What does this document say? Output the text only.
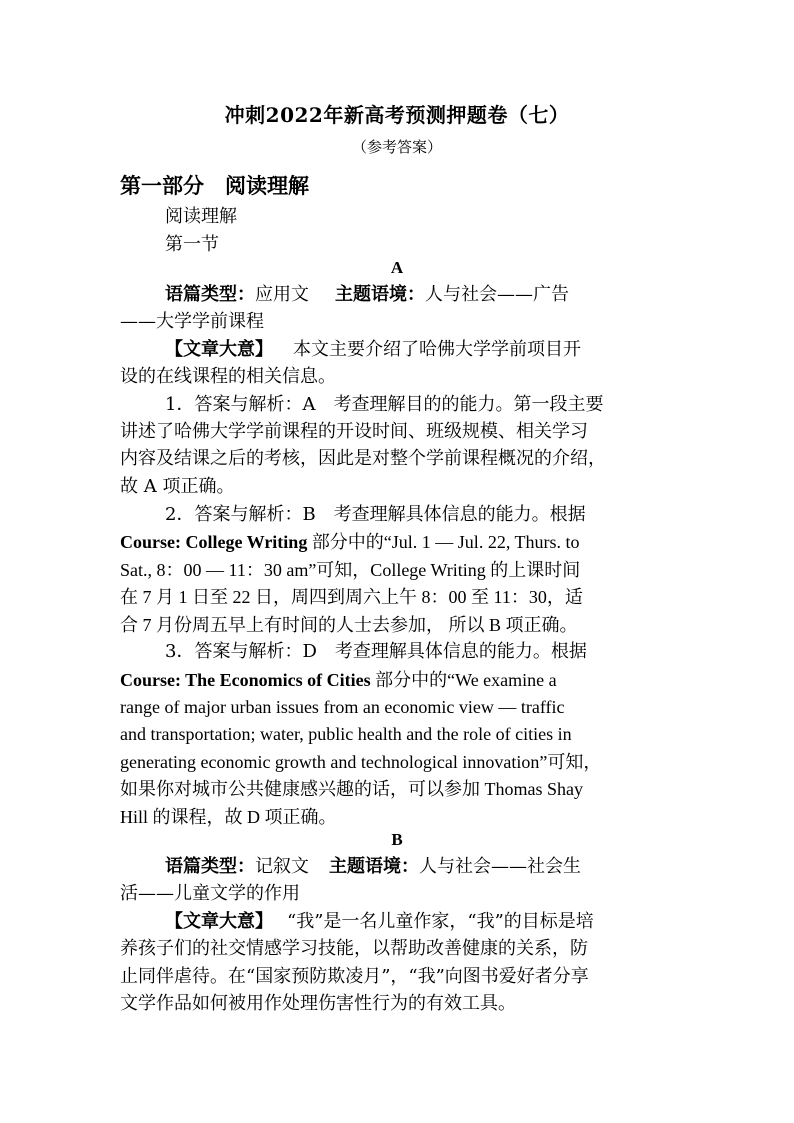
冲刺2022年新高考预测押题卷（七）
（参考答案）
第一部分　阅读理解
阅读理解
第一节
A
语篇类型：应用文 主题语境：人与社会——广告
——大学学前课程
【文章大意】 本文主要介绍了哈佛大学学前项目开
设的在线课程的相关信息。
1．答案与解析：A　考查理解目的的能力。第一段主要
讲述了哈佛大学学前课程的开设时间、班级规模、相关学习
内容及结课之后的考核，因此是对整个学前课程概况的介绍，
故 A 项正确。
2．答案与解析：B　考查理解具体信息的能力。根据
Course: College Writing 部分中的“Jul. 1 — Jul. 22, Thurs. to
Sat., 8：00 — 11：30 am”可知，College Writing 的上课时间
在 7 月 1 日至 22 日，周四到周六上午 8：00 至 11：30，适
合 7 月份周五早上有时间的人士去参加， 所以 B 项正确。
3．答案与解析：D　考查理解具体信息的能力。根据
Course: The Economics of Cities 部分中的“We examine a
range of major urban issues from an economic view — traffic
and transportation; water, public health and the role of cities in
generating economic growth and technological innovation”可知，
如果你对城市公共健康感兴趣的话，可以参加 Thomas Shay
Hill 的课程，故 D 项正确。
B
语篇类型：记叙文 主题语境：人与社会——社会生
活——儿童文学的作用
【文章大意】 “我”是一名儿童作家，“我”的目标是培
养孩子们的社交情感学习技能，以帮助改善健康的关系，防
止同伴虐待。在“国家预防欺凌月”，“我”向图书爱好者分享
文学作品如何被用作处理伤害性行为的有效工具。
